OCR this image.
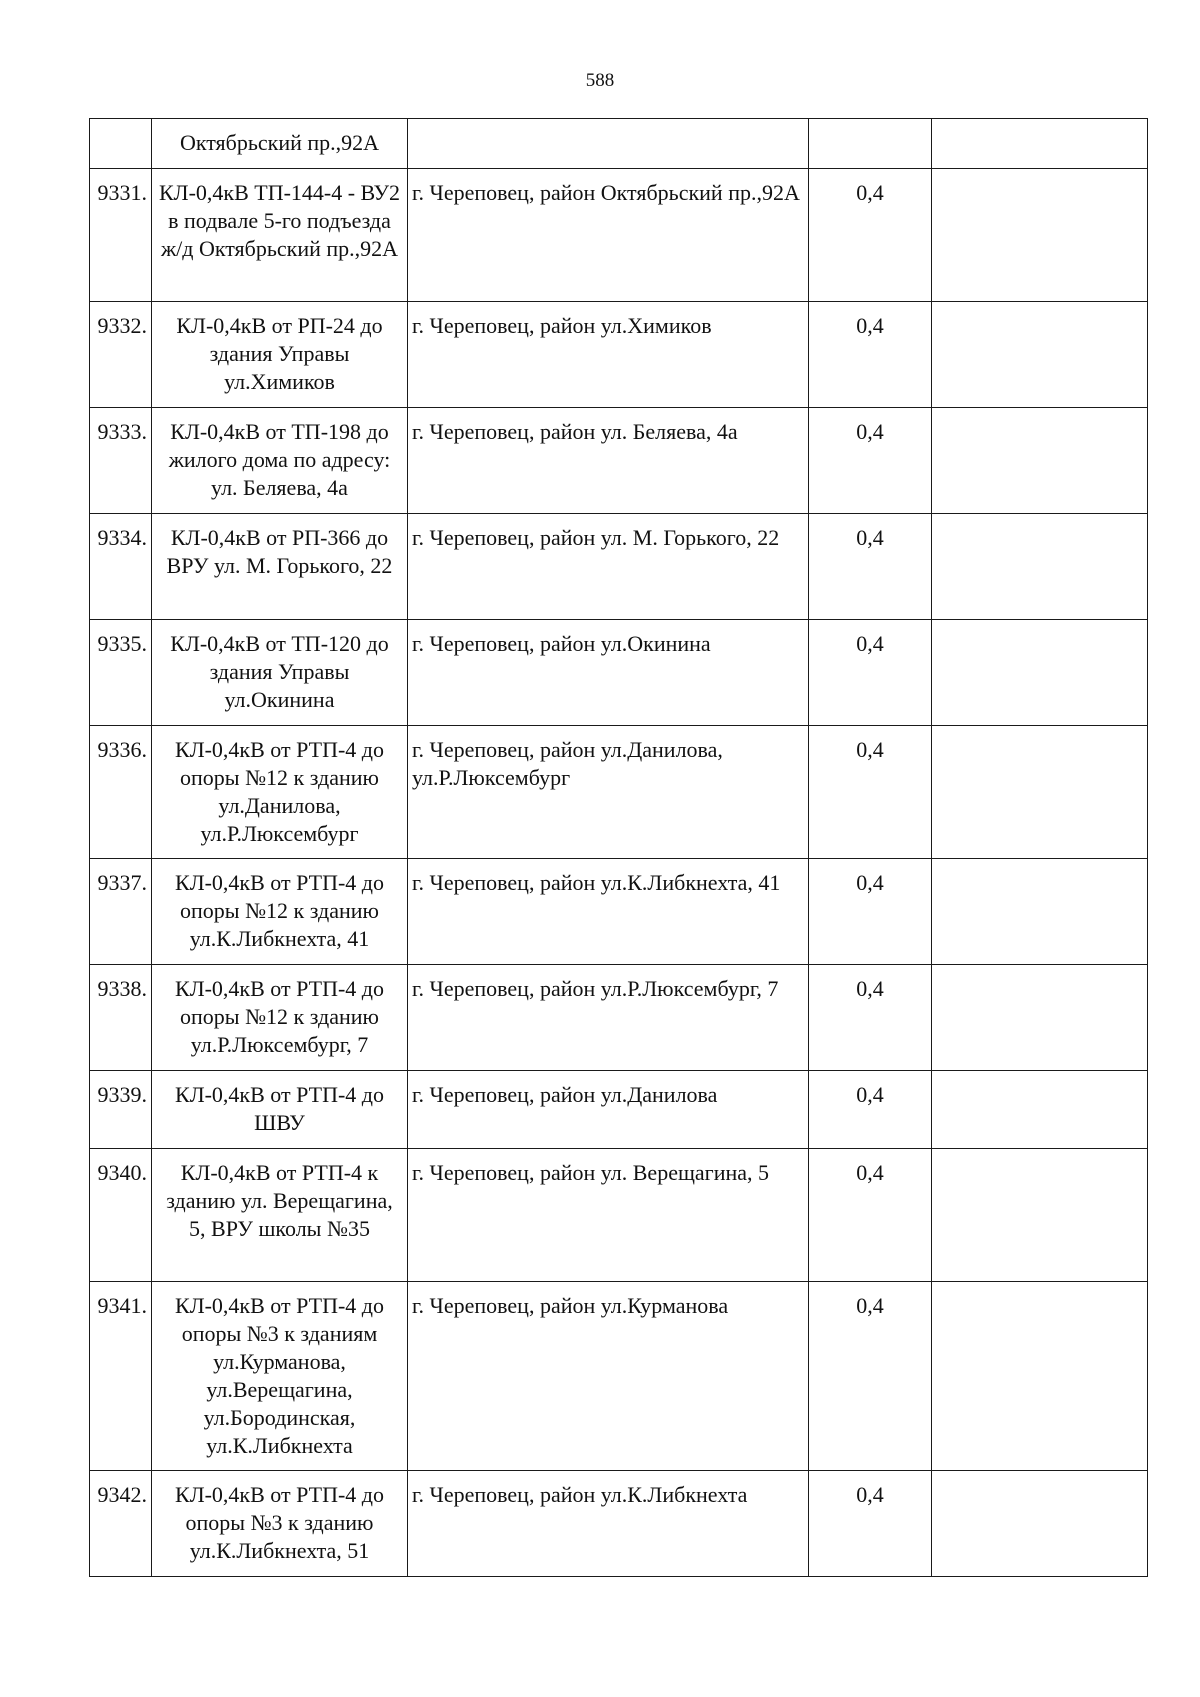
588
	Октябрьский пр.,92А			
9331.	КЛ-0,4кВ ТП-144-4 - ВУ2 в подвале 5-го подъезда ж/д Октябрьский пр.,92А	г. Череповец, район Октябрьский пр.,92А	0,4	
9332.	КЛ-0,4кВ от РП-24 до здания Управы ул.Химиков	г. Череповец, район ул.Химиков	0,4	
9333.	КЛ-0,4кВ от ТП-198 до жилого дома по адресу: ул. Беляева, 4а	г. Череповец, район ул. Беляева, 4а	0,4	
9334.	КЛ-0,4кВ от РП-366 до ВРУ ул. М. Горького, 22	г. Череповец, район ул. М. Горького, 22	0,4	
9335.	КЛ-0,4кВ от ТП-120 до здания Управы ул.Окинина	г. Череповец, район ул.Окинина	0,4	
9336.	КЛ-0,4кВ от РТП-4 до опоры №12 к зданию ул.Данилова, ул.Р.Люксембург	г. Череповец, район ул.Данилова, ул.Р.Люксембург	0,4	
9337.	КЛ-0,4кВ от РТП-4 до опоры №12 к зданию ул.К.Либкнехта, 41	г. Череповец, район ул.К.Либкнехта, 41	0,4	
9338.	КЛ-0,4кВ от РТП-4 до опоры №12 к зданию ул.Р.Люксембург, 7	г. Череповец, район ул.Р.Люксембург, 7	0,4	
9339.	КЛ-0,4кВ от РТП-4 до ШВУ	г. Череповец, район ул.Данилова	0,4	
9340.	КЛ-0,4кВ от РТП-4 к зданию ул. Верещагина, 5, ВРУ школы №35	г. Череповец, район ул. Верещагина, 5	0,4	
9341.	КЛ-0,4кВ от РТП-4 до опоры №3 к зданиям ул.Курманова, ул.Верещагина, ул.Бородинская, ул.К.Либкнехта	г. Череповец, район ул.Курманова	0,4	
9342.	КЛ-0,4кВ от РТП-4 до опоры №3 к зданию ул.К.Либкнехта, 51	г. Череповец, район ул.К.Либкнехта	0,4	
